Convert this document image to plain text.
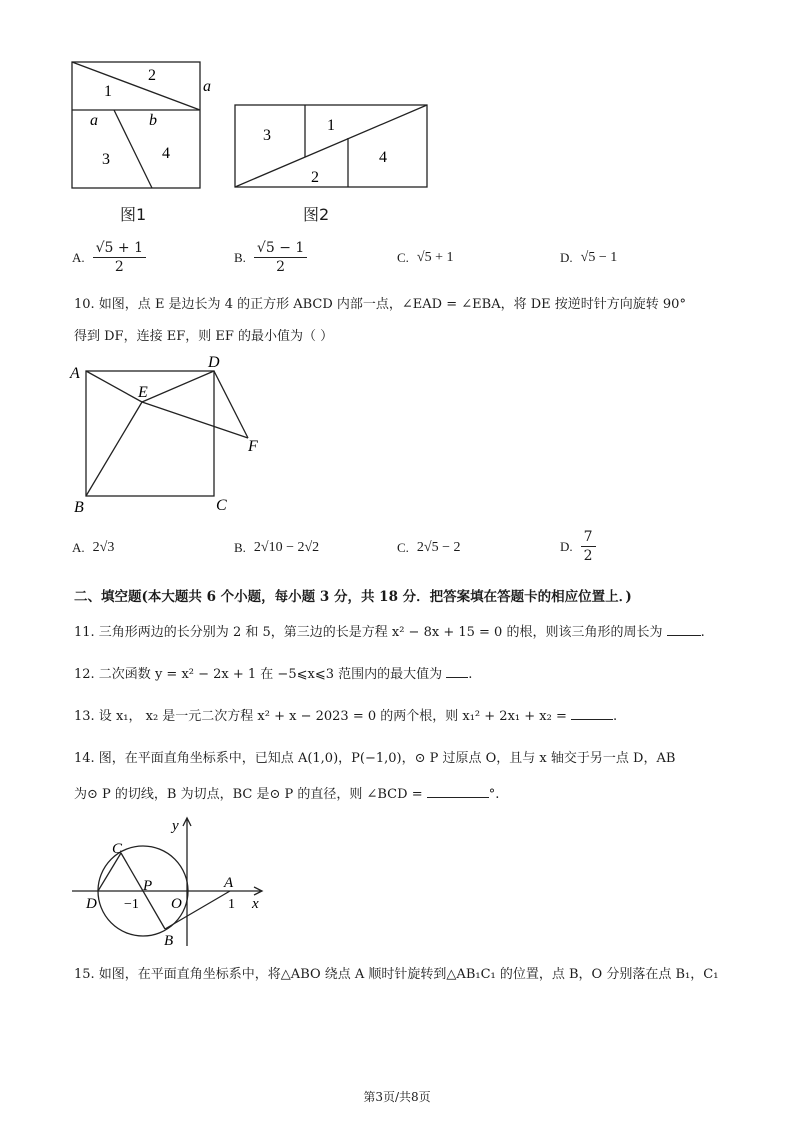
2
1	a
a	b
3	4
图1
3
1
4
2
图2
A. $\frac{√5 + 1}{2}$	B. $\frac{√5 - 1}{2}$	C. √5 + 1	D. √5 − 1
10. 如图，点 E 是边长为 4 的正方形 ABCD 内部一点，∠EAD = ∠EBA，将 DE 按逆时针方向旋转 90°
得到 DF，连接 EF，则 EF 的最小值为（ ）
A
D
E
F
B	C
A. 2√3	B. 2√10 − 2√2	C. 2√5 − 2	D. $\frac{7}{2}$
二、填空题(本大题共 6 个小题，每小题 3 分，共 18 分．把答案填在答题卡的相应位置上．)
11. 三角形两边的长分别为 2 和 5，第三边的长是方程 x² − 8x + 15 = 0 的根，则该三角形的周长为	.
12. 二次函数 y = x² − 2x + 1 在 −5⩽x⩽3 范围内的最大值为 .
13. 设 x₁， x₂ 是一元二次方程 x² + x − 2023 = 0 的两个根，则 x₁² + 2x₁ + x₂ =	.
14. 图，在平面直角坐标系中，已知点 A(1,0)，P(−1,0)，⊙ P 过原点 O，且与 x 轴交于另一点 D，AB
为⊙ P 的切线，B 为切点，BC 是⊙ P 的直径，则 ∠BCD =	°.
y
C
P	A
D −1 O	1 x
B
15. 如图，在平面直角坐标系中，将△ABO 绕点 A 顺时针旋转到△AB₁C₁ 的位置，点 B，O 分别落在点 B₁，C₁
第3页/共8页
